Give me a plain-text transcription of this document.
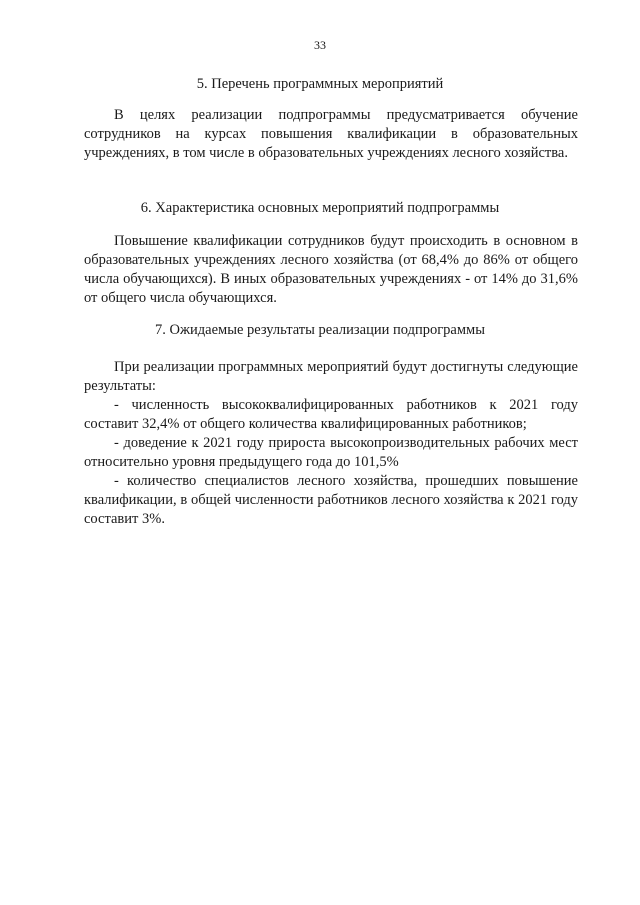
33
5. Перечень программных мероприятий
В целях реализации подпрограммы предусматривается обучение сотрудников на курсах повышения квалификации в образовательных учреждениях, в том числе в образовательных учреждениях лесного хозяйства.
6. Характеристика основных мероприятий подпрограммы
Повышение квалификации сотрудников будут происходить в основном в образовательных учреждениях лесного хозяйства (от 68,4% до 86% от общего числа обучающихся). В иных образовательных учреждениях - от 14% до 31,6% от общего числа обучающихся.
7. Ожидаемые результаты реализации подпрограммы
При реализации программных мероприятий будут достигнуты следующие результаты:
- численность высококвалифицированных работников к 2021 году составит 32,4% от общего количества квалифицированных работников;
- доведение к 2021 году прироста высокопроизводительных рабочих мест относительно уровня предыдущего года до 101,5%
- количество специалистов лесного хозяйства, прошедших повышение квалификации, в общей численности работников лесного хозяйства к 2021 году составит 3%.
